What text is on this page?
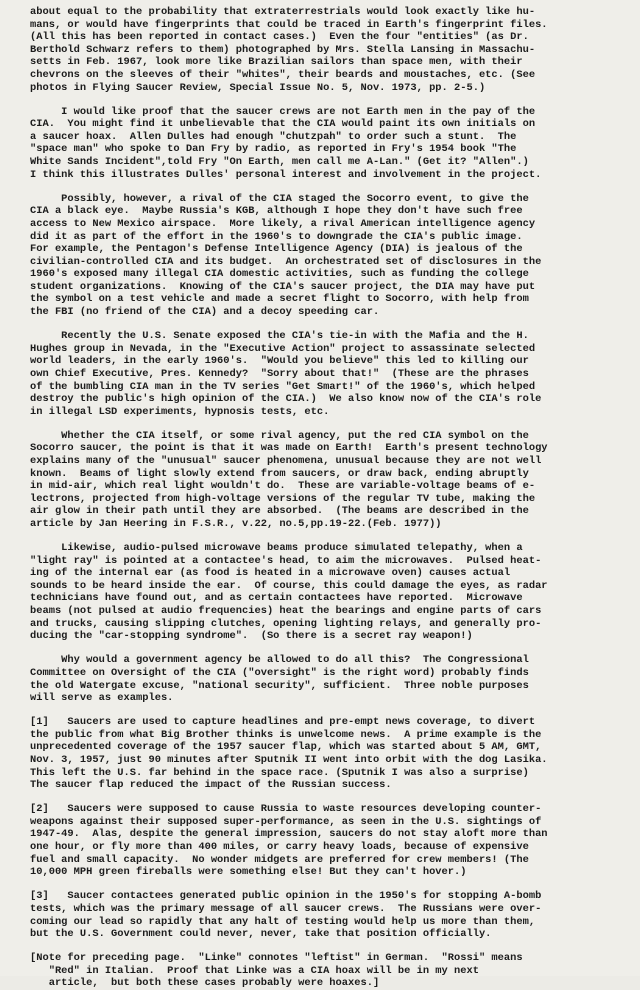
about equal to the probability that extraterrestrials would look exactly like hu-
mans, or would have fingerprints that could be traced in Earth's fingerprint files.
(All this has been reported in contact cases.)  Even the four "entities" (as Dr.
Berthold Schwarz refers to them) photographed by Mrs. Stella Lansing in Massachu-
setts in Feb. 1967, look more like Brazilian sailors than space men, with their
chevrons on the sleeves of their "whites", their beards and moustaches, etc. (See
photos in Flying Saucer Review, Special Issue No. 5, Nov. 1973, pp. 2-5.)
I would like proof that the saucer crews are not Earth men in the pay of the
CIA.  You might find it unbelievable that the CIA would paint its own initials on
a saucer hoax.  Allen Dulles had enough "chutzpah" to order such a stunt.  The
"space man" who spoke to Dan Fry by radio, as reported in Fry's 1954 book "The
White Sands Incident",told Fry "On Earth, men call me A-Lan." (Get it? "Allen".)
I think this illustrates Dulles' personal interest and involvement in the project.
Possibly, however, a rival of the CIA staged the Socorro event, to give the
CIA a black eye.  Maybe Russia's KGB, although I hope they don't have such free
access to New Mexico airspace.  More likely, a rival American intelligence agency
did it as part of the effort in the 1960's to downgrade the CIA's public image.
For example, the Pentagon's Defense Intelligence Agency (DIA) is jealous of the
civilian-controlled CIA and its budget.  An orchestrated set of disclosures in the
1960's exposed many illegal CIA domestic activities, such as funding the college
student organizations.  Knowing of the CIA's saucer project, the DIA may have put
the symbol on a test vehicle and made a secret flight to Socorro, with help from
the FBI (no friend of the CIA) and a decoy speeding car.
Recently the U.S. Senate exposed the CIA's tie-in with the Mafia and the H.
Hughes group in Nevada, in the "Executive Action" project to assassinate selected
world leaders, in the early 1960's.  "Would you believe" this led to killing our
own Chief Executive, Pres. Kennedy?  "Sorry about that!"  (These are the phrases
of the bumbling CIA man in the TV series "Get Smart!" of the 1960's, which helped
destroy the public's high opinion of the CIA.)  We also know now of the CIA's role
in illegal LSD experiments, hypnosis tests, etc.
Whether the CIA itself, or some rival agency, put the red CIA symbol on the
Socorro saucer, the point is that it was made on Earth!  Earth's present technology
explains many of the "unusual" saucer phenomena, unusual because they are not well
known.  Beams of light slowly extend from saucers, or draw back, ending abruptly
in mid-air, which real light wouldn't do.  These are variable-voltage beams of e-
lectrons, projected from high-voltage versions of the regular TV tube, making the
air glow in their path until they are absorbed.  (The beams are described in the
article by Jan Heering in F.S.R., v.22, no.5,pp.19-22.(Feb. 1977))
Likewise, audio-pulsed microwave beams produce simulated telepathy, when a
"light ray" is pointed at a contactee's head, to aim the microwaves.  Pulsed heat-
ing of the internal ear (as food is heated in a microwave oven) causes actual
sounds to be heard inside the ear.  Of course, this could damage the eyes, as radar
technicians have found out, and as certain contactees have reported.  Microwave
beams (not pulsed at audio frequencies) heat the bearings and engine parts of cars
and trucks, causing slipping clutches, opening lighting relays, and generally pro-
ducing the "car-stopping syndrome".  (So there is a secret ray weapon!)
Why would a government agency be allowed to do all this?  The Congressional
Committee on Oversight of the CIA ("oversight" is the right word) probably finds
the old Watergate excuse, "national security", sufficient.  Three noble purposes
will serve as examples.
[1]   Saucers are used to capture headlines and pre-empt news coverage, to divert
the public from what Big Brother thinks is unwelcome news.  A prime example is the
unprecedented coverage of the 1957 saucer flap, which was started about 5 AM, GMT,
Nov. 3, 1957, just 90 minutes after Sputnik II went into orbit with the dog Lasika.
This left the U.S. far behind in the space race. (Sputnik I was also a surprise)
The saucer flap reduced the impact of the Russian success.
[2]   Saucers were supposed to cause Russia to waste resources developing counter-
weapons against their supposed super-performance, as seen in the U.S. sightings of
1947-49.  Alas, despite the general impression, saucers do not stay aloft more than
one hour, or fly more than 400 miles, or carry heavy loads, because of expensive
fuel and small capacity.  No wonder midgets are preferred for crew members! (The
10,000 MPH green fireballs were something else! But they can't hover.)
[3]   Saucer contactees generated public opinion in the 1950's for stopping A-bomb
tests, which was the primary message of all saucer crews.  The Russians were over-
coming our lead so rapidly that any halt of testing would help us more than them,
but the U.S. Government could never, never, take that position officially.
[Note for preceding page.  "Linke" connotes "leftist" in German.  "Rossi" means
"Red" in Italian.  Proof that Linke was a CIA hoax will be in my next
article,  but both these cases probably were hoaxes.]
